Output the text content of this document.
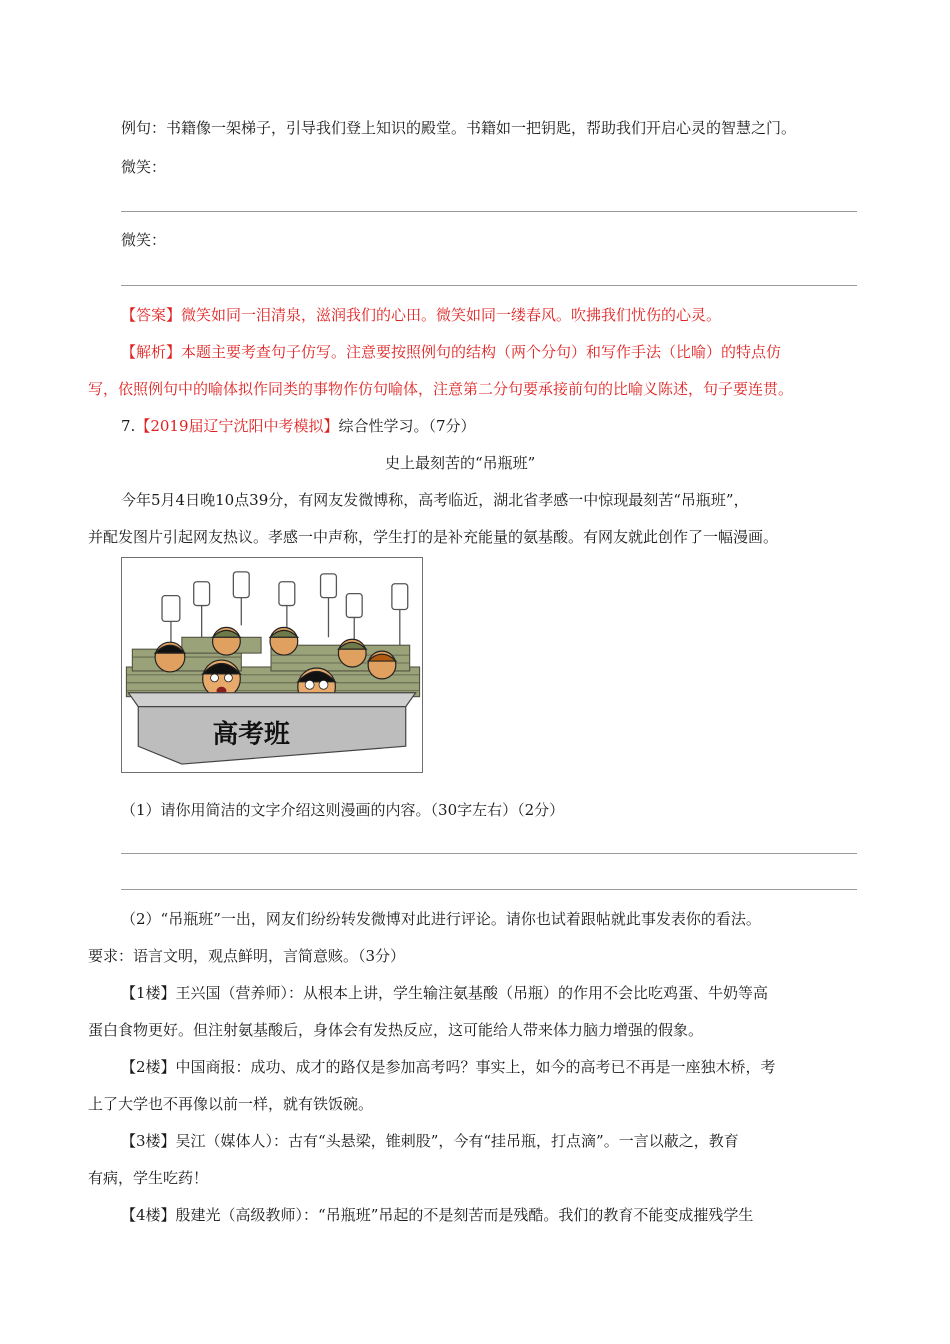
例句：书籍像一架梯子，引导我们登上知识的殿堂。书籍如一把钥匙，帮助我们开启心灵的智慧之门。
微笑：
微笑：
【答案】微笑如同一泪清泉，滋润我们的心田。微笑如同一缕春风。吹拂我们忧伤的心灵。
【解析】本题主要考查句子仿写。注意要按照例句的结构（两个分句）和写作手法（比喻）的特点仿
写，依照例句中的喻体拟作同类的事物作仿句喻体，注意第二分句要承接前句的比喻义陈述，句子要连贯。
7.【2019届辽宁沈阳中考模拟】综合性学习。（7分）
史上最刻苦的“吊瓶班”
今年5月4日晚10点39分，有网友发微博称，高考临近，湖北省孝感一中惊现最刻苦“吊瓶班”，
并配发图片引起网友热议。孝感一中声称，学生打的是补充能量的氨基酸。有网友就此创作了一幅漫画。
高考班
（1）请你用简洁的文字介绍这则漫画的内容。（30字左右）（2分）
（2）“吊瓶班”一出，网友们纷纷转发微博对此进行评论。请你也试着跟帖就此事发表你的看法。
要求：语言文明，观点鲜明，言简意赅。（3分）
【1楼】王兴国（营养师）：从根本上讲，学生输注氨基酸（吊瓶）的作用不会比吃鸡蛋、牛奶等高
蛋白食物更好。但注射氨基酸后，身体会有发热反应，这可能给人带来体力脑力增强的假象。
【2楼】中国商报：成功、成才的路仅是参加高考吗？事实上，如今的高考已不再是一座独木桥，考
上了大学也不再像以前一样，就有铁饭碗。
【3楼】吴江（媒体人）：古有“头悬梁，锥刺股”，今有“挂吊瓶，打点滴”。一言以蔽之，教育
有病，学生吃药！
【4楼】殷建光（高级教师）：“吊瓶班”吊起的不是刻苦而是残酷。我们的教育不能变成摧残学生
